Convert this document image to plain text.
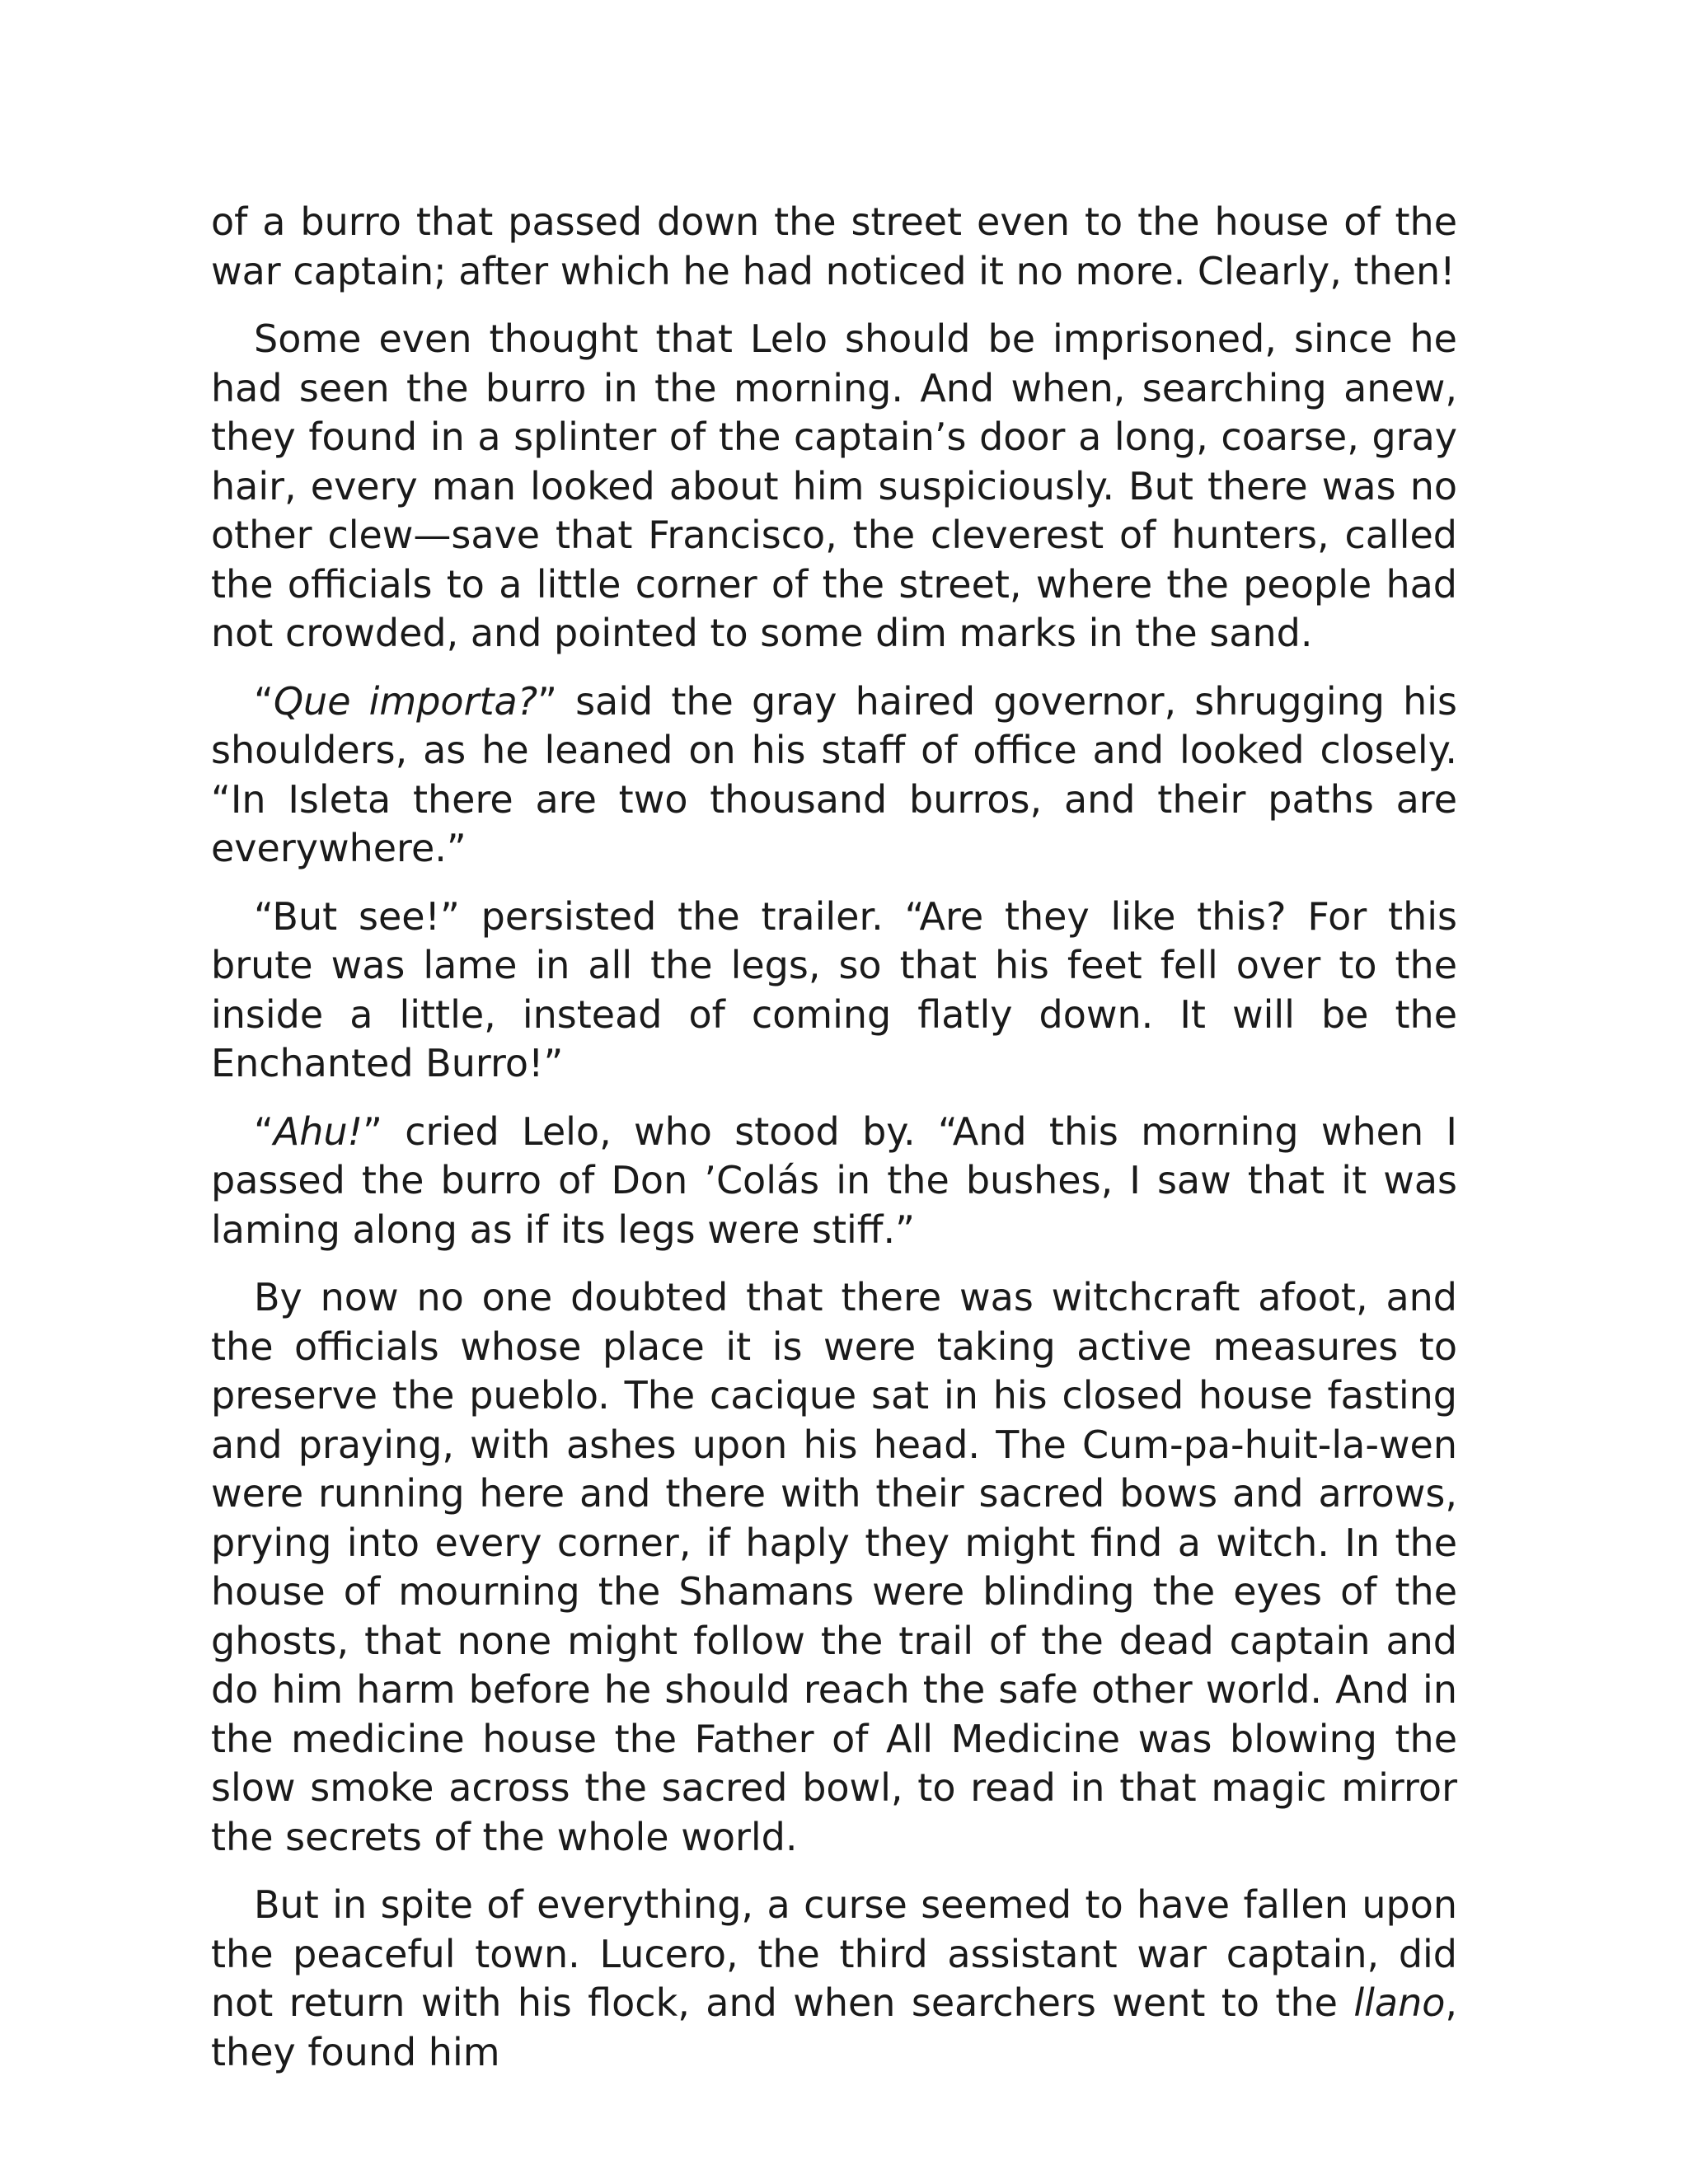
of a burro that passed down the street even to the house of the war captain; after which he had noticed it no more. Clearly, then!

Some even thought that Lelo should be imprisoned, since he had seen the burro in the morning. And when, searching anew, they found in a splinter of the captain’s door a long, coarse, gray hair, every man looked about him suspiciously. But there was no other clew—save that Francisco, the cleverest of hunters, called the officials to a little corner of the street, where the people had not crowded, and pointed to some dim marks in the sand.

“Que importa?” said the gray haired governor, shrugging his shoulders, as he leaned on his staff of office and looked closely. “In Isleta there are two thousand burros, and their paths are everywhere.”

“But see!” persisted the trailer. “Are they like this? For this brute was lame in all the legs, so that his feet fell over to the inside a little, instead of coming flatly down. It will be the Enchanted Burro!”

“Ahu!” cried Lelo, who stood by. “And this morning when I passed the burro of Don ’Colás in the bushes, I saw that it was laming along as if its legs were stiff.”

By now no one doubted that there was witchcraft afoot, and the officials whose place it is were taking active measures to preserve the pueblo. The cacique sat in his closed house fasting and praying, with ashes upon his head. The Cum-pa-huit-la-wen were running here and there with their sacred bows and arrows, prying into every corner, if haply they might find a witch. In the house of mourning the Shamans were blinding the eyes of the ghosts, that none might follow the trail of the dead captain and do him harm before he should reach the safe other world. And in the medicine house the Father of All Medicine was blowing the slow smoke across the sacred bowl, to read in that magic mirror the secrets of the whole world.

But in spite of everything, a curse seemed to have fallen upon the peaceful town. Lucero, the third assistant war captain, did not return with his flock, and when searchers went to the llano, they found him
